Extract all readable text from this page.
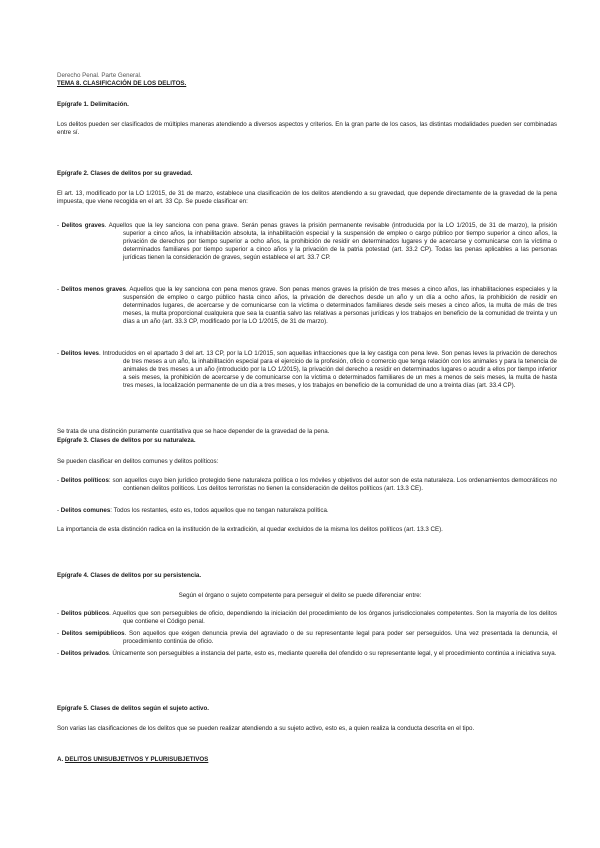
Derecho Penal. Parte General.
TEMA 8. CLASIFICACIÓN DE LOS DELITOS.
Epígrafe 1. Delimitación.
Los delitos pueden ser clasificados de múltiples maneras atendiendo a diversos aspectos y criterios. En la gran parte de los casos, las distintas modalidades pueden ser combinadas entre sí.
Epígrafe 2. Clases de delitos por su gravedad.
El art. 13, modificado por la LO 1/2015, de 31 de marzo, establece una clasificación de los delitos atendiendo a su gravedad, que depende directamente de la gravedad de la pena impuesta, que viene recogida en el art. 33 Cp. Se puede clasificar en:
- Delitos graves. Aquellos que la ley sanciona con pena grave. Serán penas graves la prisión permanente revisable (introducida por la LO 1/2015, de 31 de marzo), la prisión superior a cinco años, la inhabilitación absoluta, la inhabilitación especial y la suspensión de empleo o cargo público por tiempo superior a cinco años, la privación de derechos por tiempo superior a ocho años, la prohibición de residir en determinados lugares y de acercarse y comunicarse con la víctima o determinados familiares por tiempo superior a cinco años y la privación de la patria potestad (art. 33.2 CP). Todas las penas aplicables a las personas jurídicas tienen la consideración de graves, según establece el art. 33.7 CP.
- Delitos menos graves. Aquellos que la ley sanciona con pena menos grave. Son penas menos graves la prisión de tres meses a cinco años, las inhabilitaciones especiales y la suspensión de empleo o cargo público hasta cinco años, la privación de derechos desde un año y un día a ocho años, la prohibición de residir en determinados lugares, de acercarse y de comunicarse con la víctima o determinados familiares desde seis meses a cinco años, la multa de más de tres meses, la multa proporcional cualquiera que sea la cuantía salvo las relativas a personas jurídicas y los trabajos en beneficio de la comunidad de treinta y un días a un año (art. 33.3 CP, modificado por la LO 1/2015, de 31 de marzo).
- Delitos leves. Introducidos en el apartado 3 del art. 13 CP, por la LO 1/2015, son aquellas infracciones que la ley castiga con pena leve. Son penas leves la privación de derechos de tres meses a un año, la inhabilitación especial para el ejercicio de la profesión, oficio o comercio que tenga relación con los animales y para la tenencia de animales de tres meses a un año (introducido por la LO 1/2015), la privación del derecho a residir en determinados lugares o acudir a ellos por tiempo inferior a seis meses, la prohibición de acercarse y de comunicarse con la víctima o determinados familiares de un mes a menos de seis meses, la multa de hasta tres meses, la localización permanente de un día a tres meses, y los trabajos en beneficio de la comunidad de uno a treinta días (art. 33.4 CP).
Se trata de una distinción puramente cuantitativa que se hace depender de la gravedad de la pena.
Epígrafe 3. Clases de delitos por su naturaleza.
Se pueden clasificar en delitos comunes y delitos políticos:
- Delitos políticos: son aquellos cuyo bien jurídico protegido tiene naturaleza política o los móviles y objetivos del autor son de esta naturaleza. Los ordenamientos democráticos no contienen delitos políticos. Los delitos terroristas no tienen la consideración de delitos políticos (art. 13.3 CE).
- Delitos comunes: Todos los restantes, esto es, todos aquellos que no tengan naturaleza política.
La importancia de esta distinción radica en la institución de la extradición, al quedar excluidos de la misma los delitos políticos (art. 13.3 CE).
Epígrafe 4. Clases de delitos por su persistencia.
Según el órgano o sujeto competente para perseguir el delito se puede diferenciar entre:
- Delitos públicos. Aquellos que son perseguibles de oficio, dependiendo la iniciación del procedimiento de los órganos jurisdiccionales competentes. Son la mayoría de los delitos que contiene el Código penal.
- Delitos semipúblicos. Son aquellos que exigen denuncia previa del agraviado o de su representante legal para poder ser perseguidos. Una vez presentada la denuncia, el procedimiento continúa de oficio.
- Delitos privados. Únicamente son perseguibles a instancia del parte, esto es, mediante querella del ofendido o su representante legal, y el procedimiento continúa a iniciativa suya.
Epígrafe 5. Clases de delitos según el sujeto activo.
Son varias las clasificaciones de los delitos que se pueden realizar atendiendo a su sujeto activo, esto es, a quien realiza la conducta descrita en el tipo.
A. DELITOS UNISUBJETIVOS Y PLURISUBJETIVOS
